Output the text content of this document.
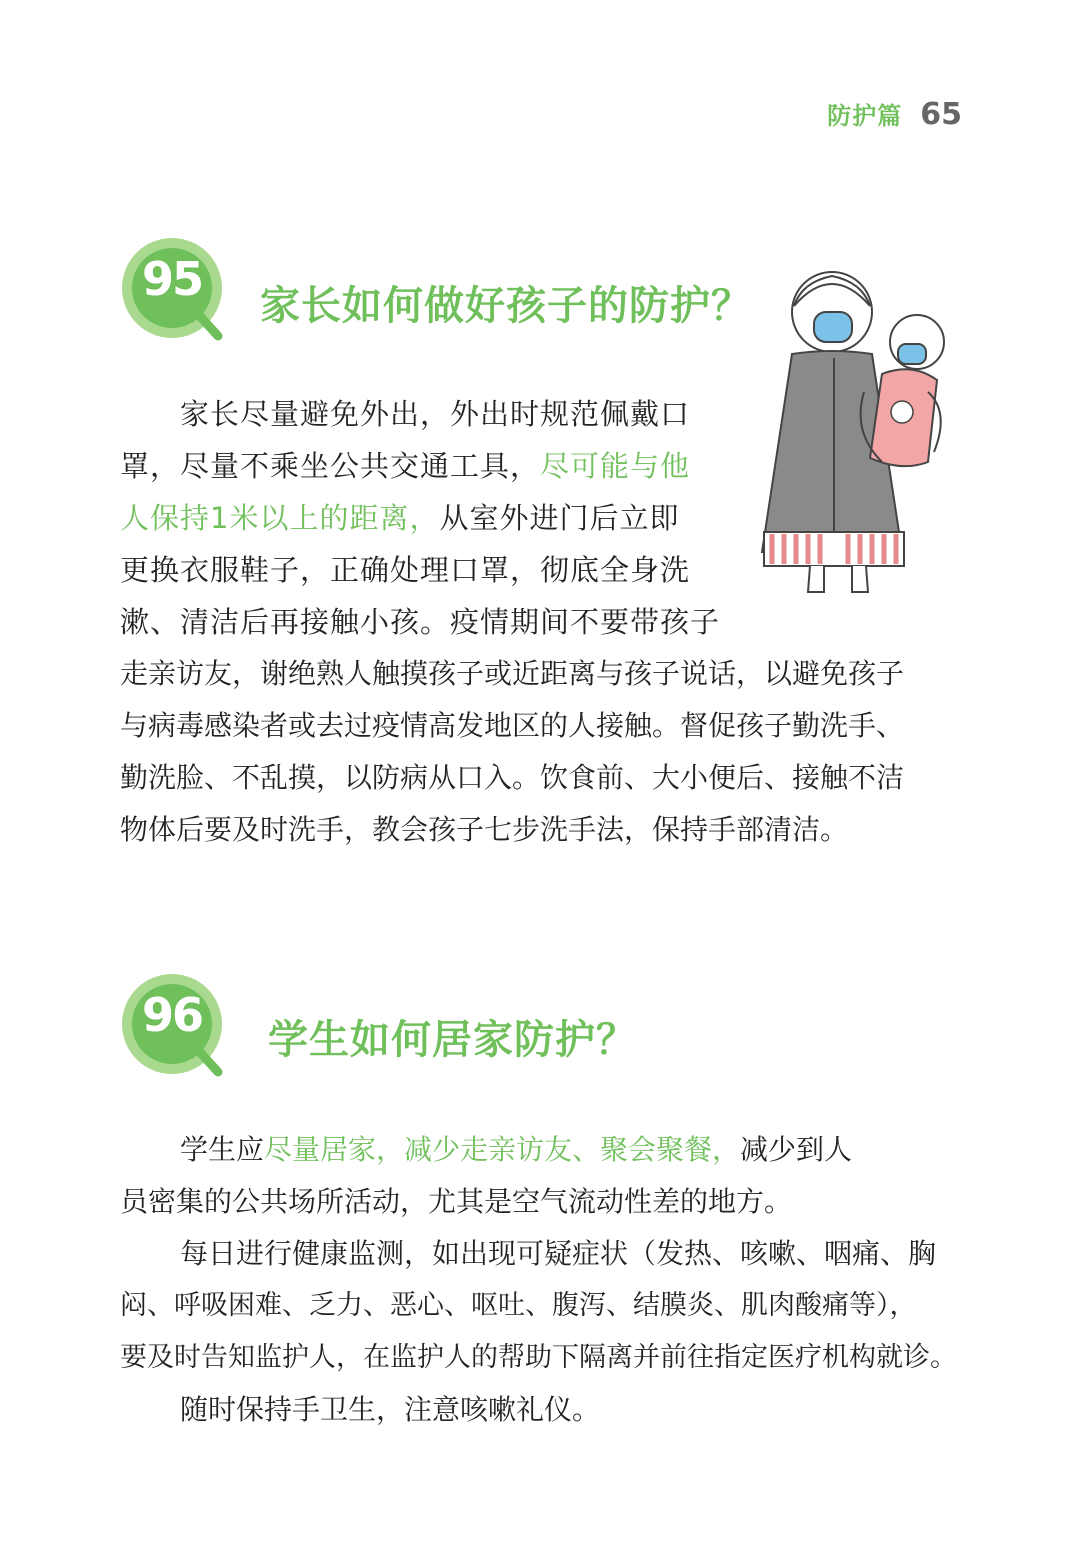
防护篇 65
95	家长如何做好孩子的防护？

家长尽量避免外出，外出时规范佩戴口

罩，尽量不乘坐公共交通工具，尽可能与他

人保持1米以上的距离，从室外进门后立即

更换衣服鞋子，正确处理口罩，彻底全身洗

漱、清洁后再接触小孩。疫情期间不要带孩子

走亲访友，谢绝熟人触摸孩子或近距离与孩子说话，以避免孩子

与病毒感染者或去过疫情高发地区的人接触。督促孩子勤洗手、

勤洗脸、不乱摸，以防病从口入。饮食前、大小便后、接触不洁

物体后要及时洗手，教会孩子七步洗手法，保持手部清洁。

96	学生如何居家防护？

学生应尽量居家，减少走亲访友、聚会聚餐，减少到人

员密集的公共场所活动，尤其是空气流动性差的地方。

每日进行健康监测，如出现可疑症状（发热、咳嗽、咽痛、胸

闷、呼吸困难、乏力、恶心、呕吐、腹泻、结膜炎、肌肉酸痛等），

要及时告知监护人，在监护人的帮助下隔离并前往指定医疗机构就诊。

随时保持手卫生，注意咳嗽礼仪。
